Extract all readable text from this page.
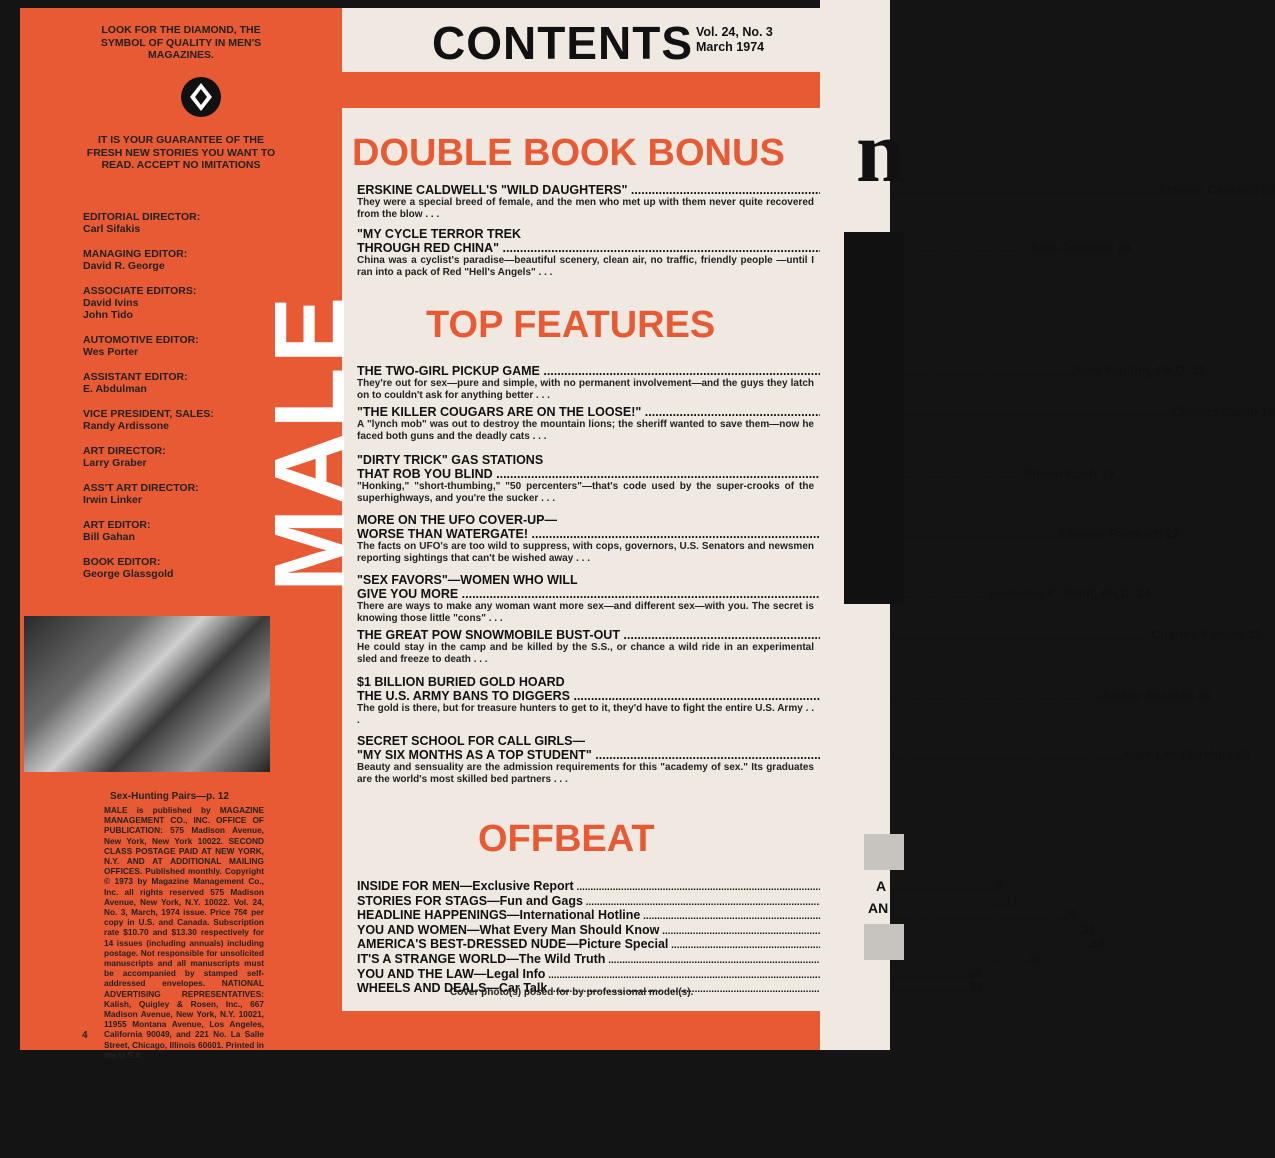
MALE
LOOK FOR THE DIAMOND, THE SYMBOL OF QUALITY IN MEN'S MAGAZINES.
IT IS YOUR GUARANTEE OF THE FRESH NEW STORIES YOU WANT TO READ. ACCEPT NO IMITATIONS
EDITORIAL DIRECTOR:
Carl Sifakis
MANAGING EDITOR:
David R. George
ASSOCIATE EDITORS:
David Ivins
John Tido
AUTOMOTIVE EDITOR:
Wes Porter
ASSISTANT EDITOR:
E. Abdulman
VICE PRESIDENT, SALES:
Randy Ardissone
ART DIRECTOR:
Larry Graber
ASS'T ART DIRECTOR:
Irwin Linker
ART EDITOR:
Bill Gahan
BOOK EDITOR:
George Glassgold
Sex-Hunting Pairs—p. 12
MALE is published by MAGAZINE MANAGEMENT CO., INC. OFFICE OF PUBLICATION: 575 Madison Avenue, New York, New York 10022. SECOND CLASS POSTAGE PAID AT NEW YORK, N.Y. AND AT ADDITIONAL MAILING OFFICES. Published monthly. Copyright © 1973 by Magazine Management Co., Inc. all rights reserved 575 Madison Avenue, New York, N.Y. 10022. Vol. 24, No. 3, March, 1974 issue. Price 75¢ per copy in U.S. and Canada. Subscription rate $10.70 and $13.30 respectively for 14 issues (including annuals) including postage. Not responsible for unsolicited manuscripts and all manuscripts must be accompanied by stamped self-addressed envelopes. NATIONAL ADVERTISING REPRESENTATIVES: Kalish, Quigley & Rosen, Inc., 667 Madison Avenue, New York, N.Y. 10021, 11955 Montana Avenue, Los Angeles, California 90049, and 221 No. La Salle Street, Chicago, Illinois 60601. Printed in the U.S.A.
4
CONTENTS Vol. 24, No. 3
March 1974
DOUBLE BOOK BONUS
ERSKINE CALDWELL'S "WILD DAUGHTERS" .....	Erskine Caldwell 20
They were a special breed of female, and the men who met up with them never quite recovered from the blow . . .
"MY CYCLE TERROR TREK
THROUGH RED CHINA" .....	Sam Connolly 28
China was a cyclist's paradise—beautiful scenery, clean air, no traffic, friendly people —until I ran into a pack of Red "Hell's Angels" . . .
TOP FEATURES
THE TWO-GIRL PICKUP GAME .....	John Watling, Ph.D. 12
They're out for sex—pure and simple, with no permanent involvement—and the guys they latch on to couldn't ask for anything better . . .
"THE KILLER COUGARS ARE ON THE LOOSE!" .....	Charles Carlin 16
A "lynch mob" was out to destroy the mountain lions; the sheriff wanted to save them—now he faced both guns and the deadly cats . . .
"DIRTY TRICK" GAS STATIONS
THAT ROB YOU BLIND .....	Simon Koch 19
"Honking," "short-thumbing," "50 percenters"—that's code used by the super-crooks of the superhighways, and you're the sucker . . .
MORE ON THE UFO COVER-UP—
WORSE THAN WATERGATE! .....	Charles Friedrich 22
The facts on UFO's are too wild to suppress, with cops, governors, U.S. Senators and newsmen reporting sightings that can't be wished away . . .
"SEX FAVORS"—WOMEN WHO WILL
GIVE YOU MORE .....	Hermann K. Wolff, Ph.D. 24
There are ways to make any woman want more sex—and different sex—with you. The secret is knowing those little "cons" . . .
THE GREAT POW SNOWMOBILE BUST-OUT .....	Charles Kenton 32
He could stay in the camp and be killed by the S.S., or chance a wild ride in an experimental sled and freeze to death . . .
$1 BILLION BURIED GOLD HOARD
THE U.S. ARMY BANS TO DIGGERS .....	Archer Scanlon 36
The gold is there, but for treasure hunters to get to it, they'd have to fight the entire U.S. Army . . .
SECRET SCHOOL FOR CALL GIRLS—
"MY SIX MONTHS AS A TOP STUDENT" .....	Mary Lee Fairchild 40
Beauty and sensuality are the admission requirements for this "academy of sex." Its graduates are the world's most skilled bed partners . . .
OFFBEAT
INSIDE FOR MEN—Exclusive Report .....	8
STORIES FOR STAGS—Fun and Gags .....	11
HEADLINE HAPPENINGS—International Hotline .....	26
YOU AND WOMEN—What Every Man Should Know .....	31
AMERICA'S BEST-DRESSED NUDE—Picture Special .....	34
IT'S A STRANGE WORLD—The Wild Truth .....	48
YOU AND THE LAW—Legal Info .....	60
WHEELS AND DEALS—Car Talk .....	66
Cover photo(s) posed for by professional model(s).
n
A
AN
